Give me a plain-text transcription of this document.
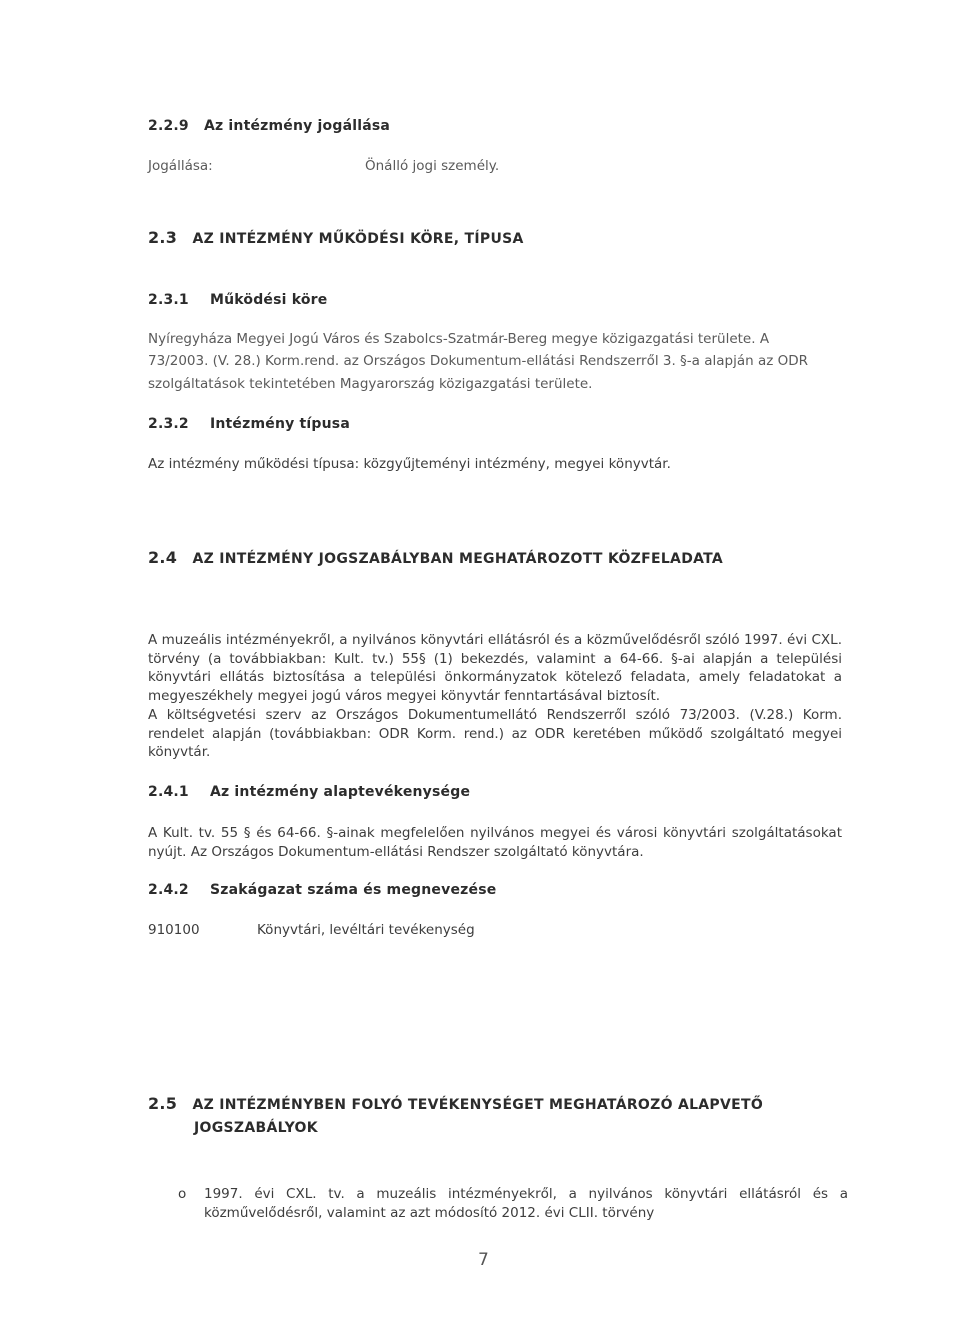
2.2.9 Az intézmény jogállása
Jogállása:	Önálló jogi személy.
2.3 AZ INTÉZMÉNY MŰKÖDÉSI KÖRE, TÍPUSA
2.3.1 Működési köre
Nyíregyháza Megyei Jogú Város és Szabolcs-Szatmár-Bereg megye közigazgatási területe. A
73/2003. (V. 28.) Korm.rend. az Országos Dokumentum-ellátási Rendszerről 3. §-a alapján az ODR
szolgáltatások tekintetében Magyarország közigazgatási területe.
2.3.2 Intézmény típusa
Az intézmény működési típusa: közgyűjteményi intézmény, megyei könyvtár.
2.4 AZ INTÉZMÉNY JOGSZABÁLYBAN MEGHATÁROZOTT KÖZFELADATA
A muzeális intézményekről, a nyilvános könyvtári ellátásról és a közművelődésről szóló 1997. évi CXL. törvény (a továbbiakban: Kult. tv.) 55§ (1) bekezdés, valamint a 64-66. §-ai alapján a települési könyvtári ellátás biztosítása a települési önkormányzatok kötelező feladata, amely feladatokat a megyeszékhely megyei jogú város megyei könyvtár fenntartásával biztosít.
A költségvetési szerv az Országos Dokumentumellátó Rendszerről szóló 73/2003. (V.28.) Korm. rendelet alapján (továbbiakban: ODR Korm. rend.) az ODR keretében működő szolgáltató megyei könyvtár.
2.4.1 Az intézmény alaptevékenysége
A Kult. tv. 55 § és 64-66. §-ainak megfelelően nyilvános megyei és városi könyvtári szolgáltatásokat nyújt. Az Országos Dokumentum-ellátási Rendszer szolgáltató könyvtára.
2.4.2 Szakágazat száma és megnevezése
910100	Könyvtári, levéltári tevékenység
2.5 AZ INTÉZMÉNYBEN FOLYÓ TEVÉKENYSÉGET MEGHATÁROZÓ ALAPVETŐ
JOGSZABÁLYOK
o 1997. évi CXL. tv. a muzeális intézményekről, a nyilvános könyvtári ellátásról és a közművelődésről, valamint az azt módosító 2012. évi CLII. törvény
7
